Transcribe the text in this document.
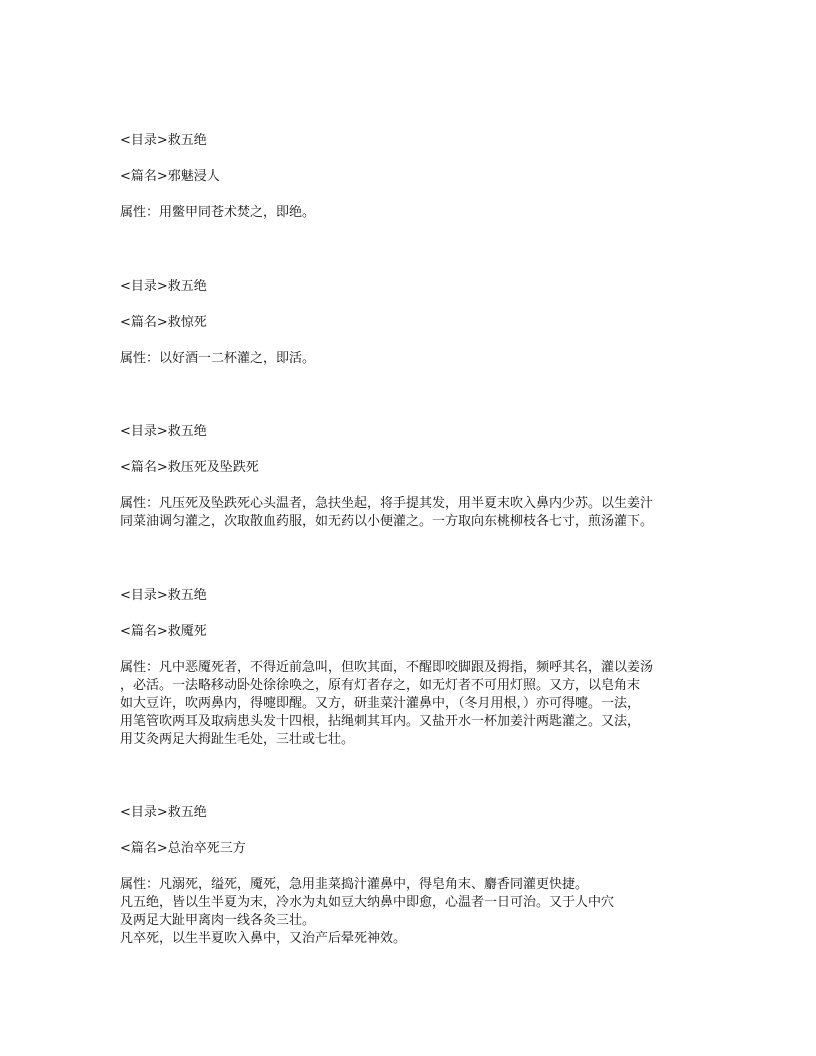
<目录>救五绝

<篇名>邪魅浸人

属性：用鳖甲同苍术焚之，即绝。

<目录>救五绝

<篇名>救惊死

属性：以好酒一二杯灌之，即活。

<目录>救五绝

<篇名>救压死及坠跌死

属性：凡压死及坠跌死心头温者，急扶坐起，将手提其发，用半夏末吹入鼻内少苏。以生姜汁

同菜油调匀灌之，次取散血药服，如无药以小便灌之。一方取向东桃柳枝各七寸，煎汤灌下。

<目录>救五绝

<篇名>救魇死

属性：凡中恶魇死者，不得近前急叫，但吹其面，不醒即咬脚跟及拇指，频呼其名，灌以姜汤

，必活。一法略移动卧处徐徐唤之，原有灯者存之，如无灯者不可用灯照。又方，以皂角末

如大豆许，吹两鼻内，得嚏即醒。又方，研韭菜汁灌鼻中，（冬月用根，）亦可得嚏。一法，

用笔管吹两耳及取病患头发十四根，拈绳刺其耳内。又盐开水一杯加姜汁两匙灌之。又法，

用艾灸两足大拇趾生毛处，三壮或七壮。

<目录>救五绝

<篇名>总治卒死三方

属性：凡溺死，缢死，魇死，急用韭菜捣汁灌鼻中，得皂角末、麝香同灌更快捷。

凡五绝，皆以生半夏为末，冷水为丸如豆大纳鼻中即愈，心温者一日可治。又于人中穴

及两足大趾甲离肉一线各灸三壮。

凡卒死，以生半夏吹入鼻中，又治产后晕死神效。
